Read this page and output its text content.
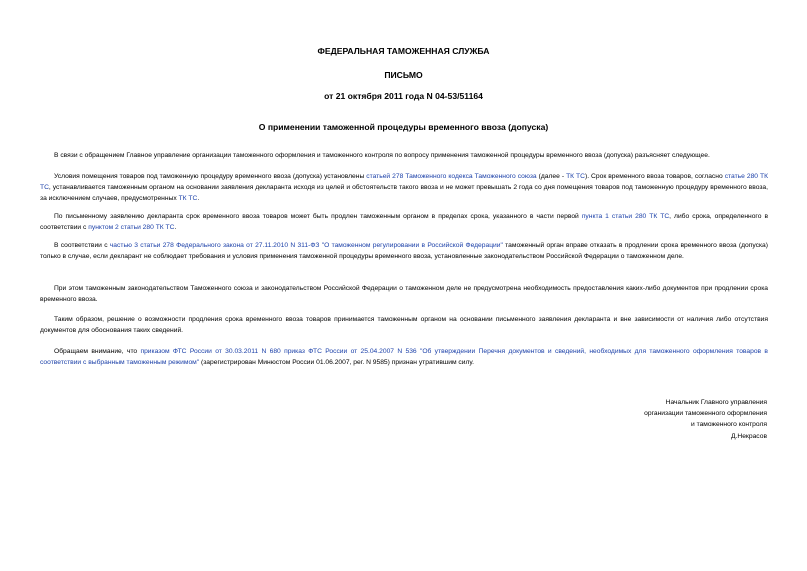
ФЕДЕРАЛЬНАЯ ТАМОЖЕННАЯ СЛУЖБА
ПИСЬМО
от 21 октября 2011 года N 04-53/51164
О применении таможенной процедуры временного ввоза (допуска)

В связи с обращением Главное управление организации таможенного оформления и таможенного контроля по вопросу применения таможенной процедуры временного ввоза (допуска) разъясняет следующее.

Условия помещения товаров под таможенную процедуру временного ввоза (допуска) установлены статьей 278 Таможенного кодекса Таможенного союза (далее - ТК ТС). Срок временного ввоза товаров, согласно статье 280 ТК ТС, устанавливается таможенным органом на основании заявления декларанта исходя из целей и обстоятельств такого ввоза и не может превышать 2 года со дня помещения товаров под таможенную процедуру временного ввоза, за исключением случаев, предусмотренных ТК ТС.

По письменному заявлению декларанта срок временного ввоза товаров может быть продлен таможенным органом в пределах срока, указанного в части первой пункта 1 статьи 280 ТК ТС, либо срока, определенного в соответствии с пунктом 2 статьи 280 ТК ТС.

В соответствии с частью 3 статьи 278 Федерального закона от 27.11.2010 N 311-ФЗ "О таможенном регулировании в Российской Федерации" таможенный орган вправе отказать в продлении срока временного ввоза (допуска) только в случае, если декларант не соблюдает требования и условия применения таможенной процедуры временного ввоза, установленные законодательством Российской Федерации о таможенном деле.

При этом таможенным законодательством Таможенного союза и законодательством Российской Федерации о таможенном деле не предусмотрена необходимость предоставления каких-либо документов при продлении срока временного ввоза.

Таким образом, решение о возможности продления срока временного ввоза товаров принимается таможенным органом на основании письменного заявления декларанта и вне зависимости от наличия либо отсутствия документов для обоснования таких сведений.

Обращаем внимание, что приказом ФТС России от 30.03.2011 N 680 приказ ФТС России от 25.04.2007 N 536 "Об утверждении Перечня документов и сведений, необходимых для таможенного оформления товаров в соответствии с выбранным таможенным режимом" (зарегистрирован Минюстом России 01.06.2007, рег. N 9585) признан утратившим силу.

Начальник Главного управления
организации таможенного оформления
и таможенного контроля
Д.Некрасов
